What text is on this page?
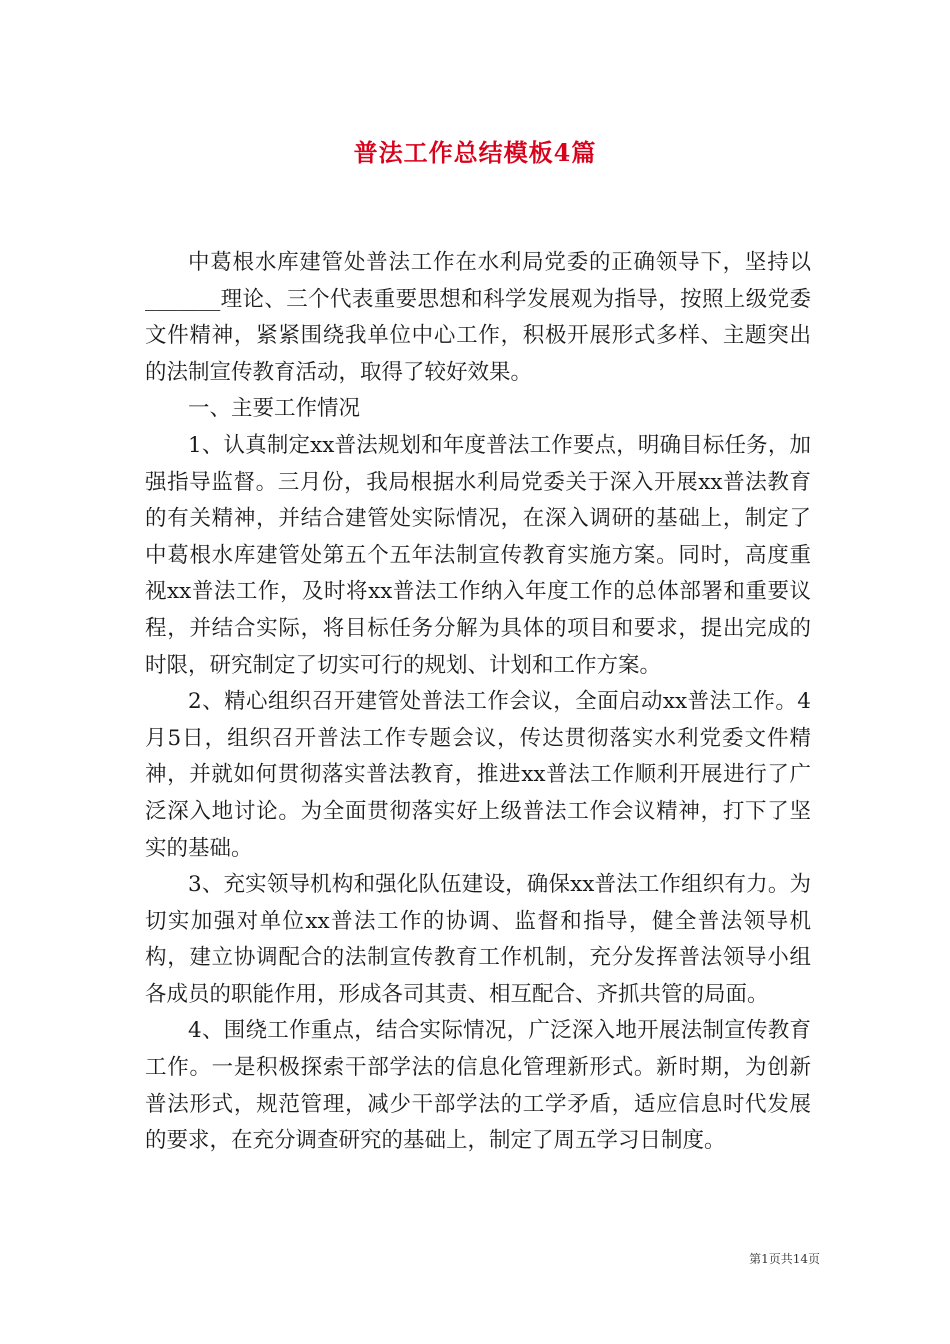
普法工作总结模板4篇

中葛根水库建管处普法工作在水利局党委的正确领导下，坚持以_______理论、三个代表重要思想和科学发展观为指导，按照上级党委文件精神，紧紧围绕我单位中心工作，积极开展形式多样、主题突出的法制宣传教育活动，取得了较好效果。

一、主要工作情况

1、认真制定xx普法规划和年度普法工作要点，明确目标任务，加强指导监督。三月份，我局根据水利局党委关于深入开展xx普法教育的有关精神，并结合建管处实际情况，在深入调研的基础上，制定了中葛根水库建管处第五个五年法制宣传教育实施方案。同时，高度重视xx普法工作，及时将xx普法工作纳入年度工作的总体部署和重要议程，并结合实际，将目标任务分解为具体的项目和要求，提出完成的时限，研究制定了切实可行的规划、计划和工作方案。

2、精心组织召开建管处普法工作会议，全面启动xx普法工作。4月5日，组织召开普法工作专题会议，传达贯彻落实水利党委文件精神，并就如何贯彻落实普法教育，推进xx普法工作顺利开展进行了广泛深入地讨论。为全面贯彻落实好上级普法工作会议精神，打下了坚实的基础。

3、充实领导机构和强化队伍建设，确保xx普法工作组织有力。为切实加强对单位xx普法工作的协调、监督和指导，健全普法领导机构，建立协调配合的法制宣传教育工作机制，充分发挥普法领导小组各成员的职能作用，形成各司其责、相互配合、齐抓共管的局面。

4、围绕工作重点，结合实际情况，广泛深入地开展法制宣传教育工作。一是积极探索干部学法的信息化管理新形式。新时期，为创新普法形式，规范管理，减少干部学法的工学矛盾，适应信息时代发展的要求，在充分调查研究的基础上，制定了周五学习日制度。

第1页共14页
